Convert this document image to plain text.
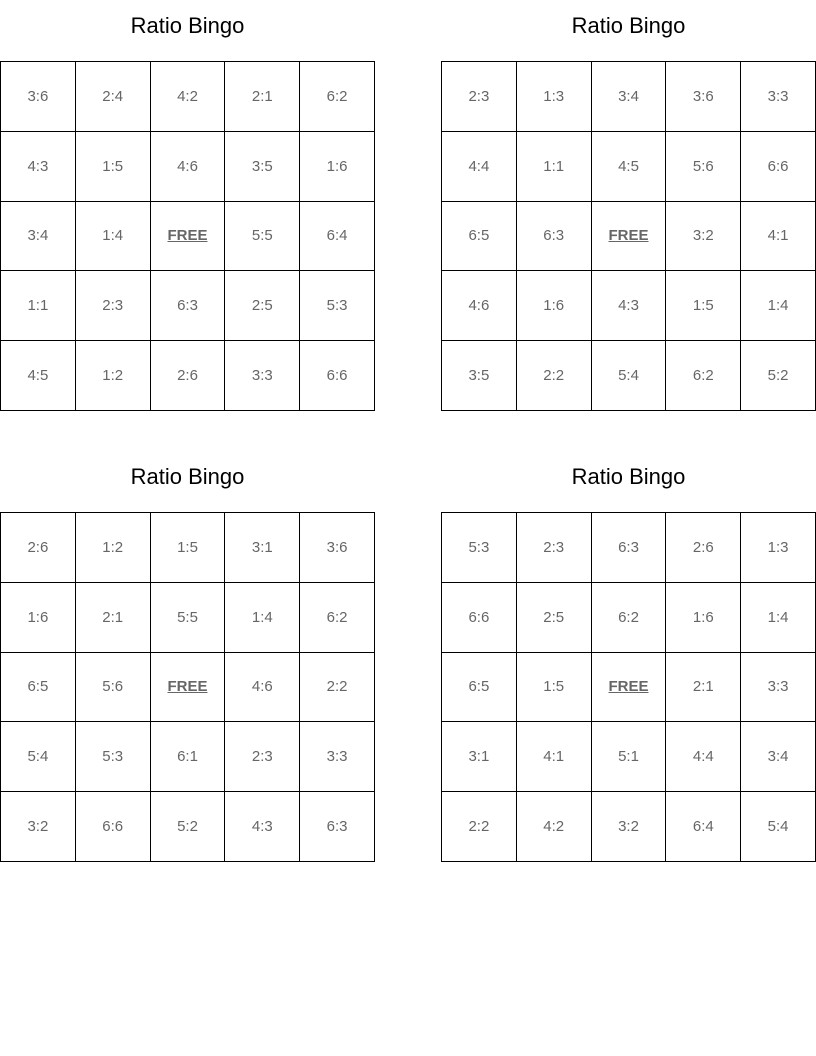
Ratio Bingo
3:6	2:4	4:2	2:1	6:2
4:3	1:5	4:6	3:5	1:6
3:4	1:4	FREE	5:5	6:4
1:1	2:3	6:3	2:5	5:3
4:5	1:2	2:6	3:3	6:6
Ratio Bingo
2:3	1:3	3:4	3:6	3:3
4:4	1:1	4:5	5:6	6:6
6:5	6:3	FREE	3:2	4:1
4:6	1:6	4:3	1:5	1:4
3:5	2:2	5:4	6:2	5:2
Ratio Bingo
2:6	1:2	1:5	3:1	3:6
1:6	2:1	5:5	1:4	6:2
6:5	5:6	FREE	4:6	2:2
5:4	5:3	6:1	2:3	3:3
3:2	6:6	5:2	4:3	6:3
Ratio Bingo
5:3	2:3	6:3	2:6	1:3
6:6	2:5	6:2	1:6	1:4
6:5	1:5	FREE	2:1	3:3
3:1	4:1	5:1	4:4	3:4
2:2	4:2	3:2	6:4	5:4
